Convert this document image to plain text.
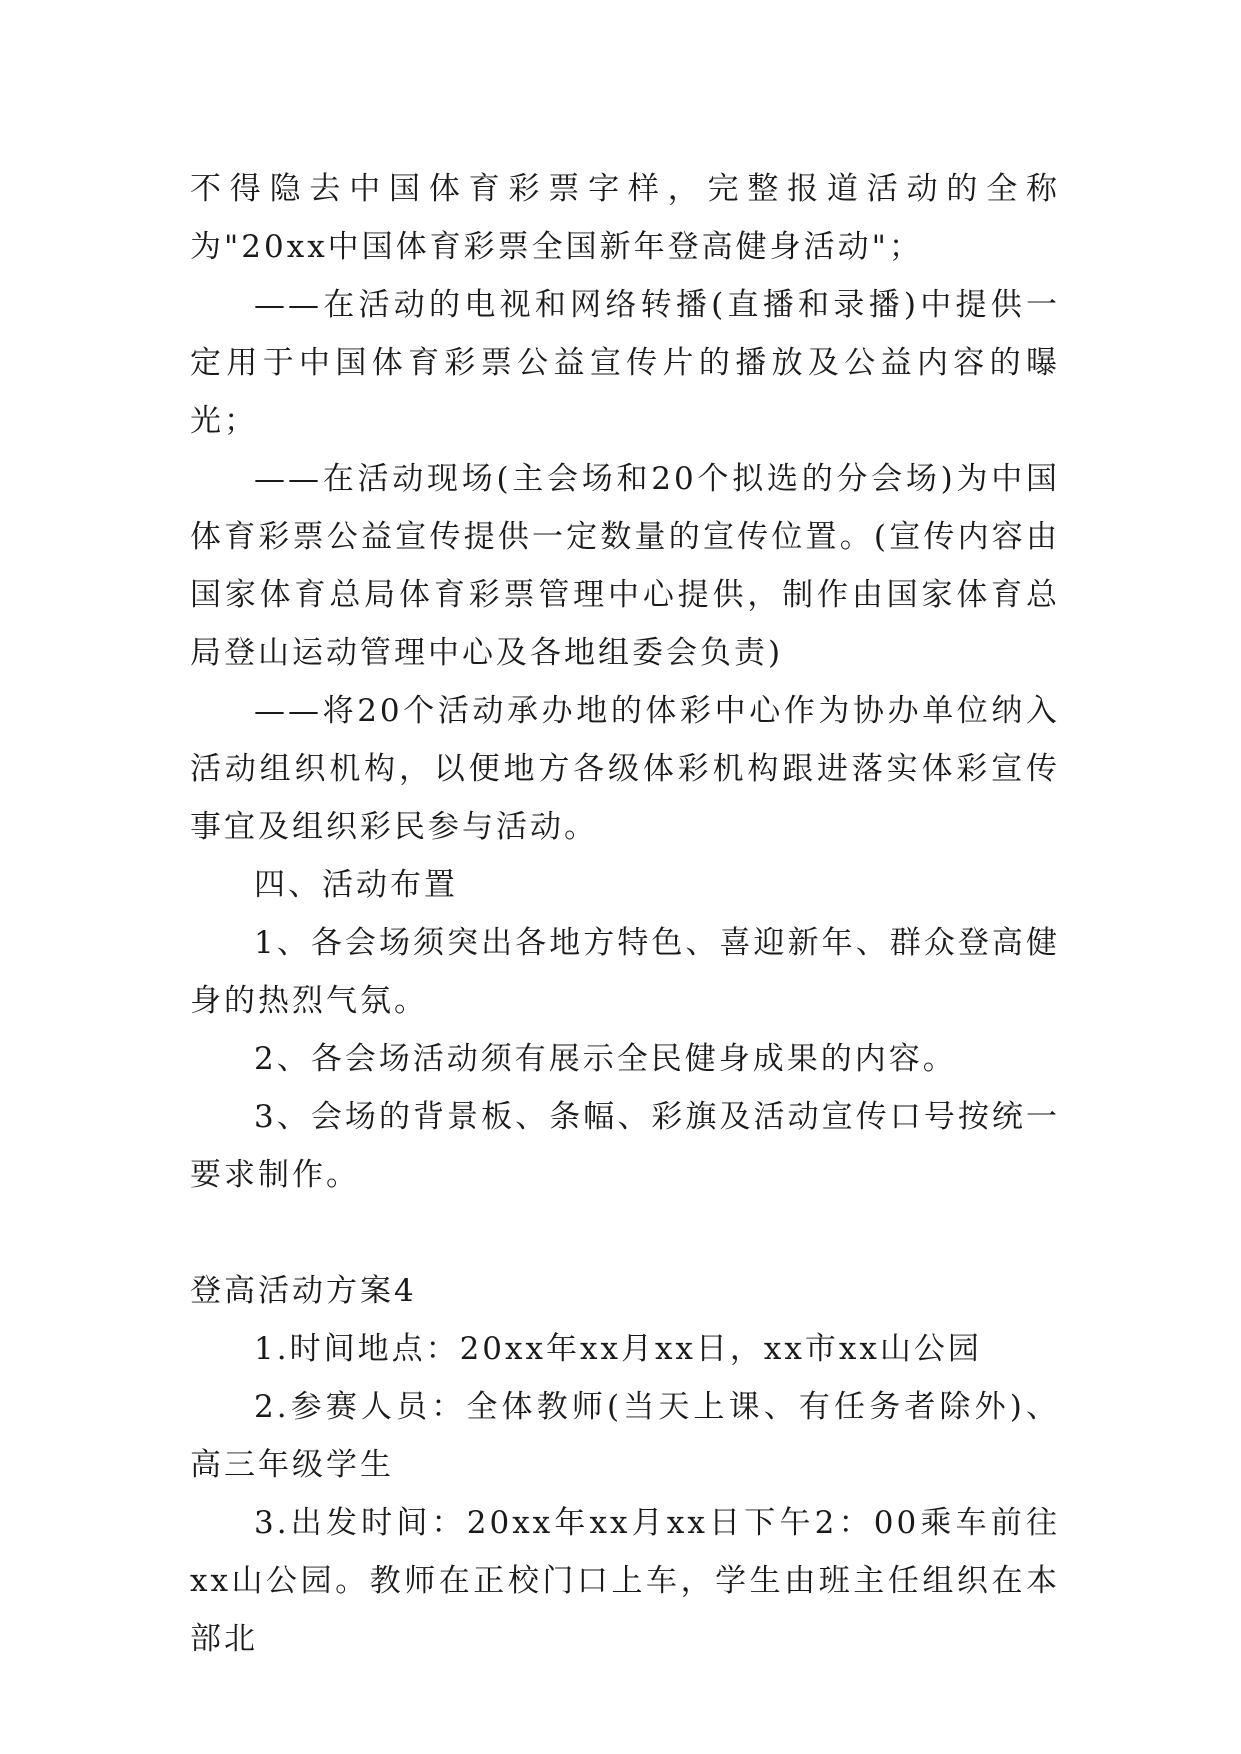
不得隐去中国体育彩票字样，完整报道活动的全称为"20xx中国体育彩票全国新年登高健身活动"；

——在活动的电视和网络转播(直播和录播)中提供一定用于中国体育彩票公益宣传片的播放及公益内容的曝光；

——在活动现场(主会场和20个拟选的分会场)为中国体育彩票公益宣传提供一定数量的宣传位置。(宣传内容由国家体育总局体育彩票管理中心提供，制作由国家体育总局登山运动管理中心及各地组委会负责)

——将20个活动承办地的体彩中心作为协办单位纳入活动组织机构，以便地方各级体彩机构跟进落实体彩宣传事宜及组织彩民参与活动。

四、活动布置

1、各会场须突出各地方特色、喜迎新年、群众登高健身的热烈气氛。

2、各会场活动须有展示全民健身成果的内容。

3、会场的背景板、条幅、彩旗及活动宣传口号按统一要求制作。

登高活动方案4

1.时间地点：20xx年xx月xx日，xx市xx山公园

2.参赛人员：全体教师(当天上课、有任务者除外)、高三年级学生

3.出发时间：20xx年xx月xx日下午2：00乘车前往xx山公园。教师在正校门口上车，学生由班主任组织在本部北
